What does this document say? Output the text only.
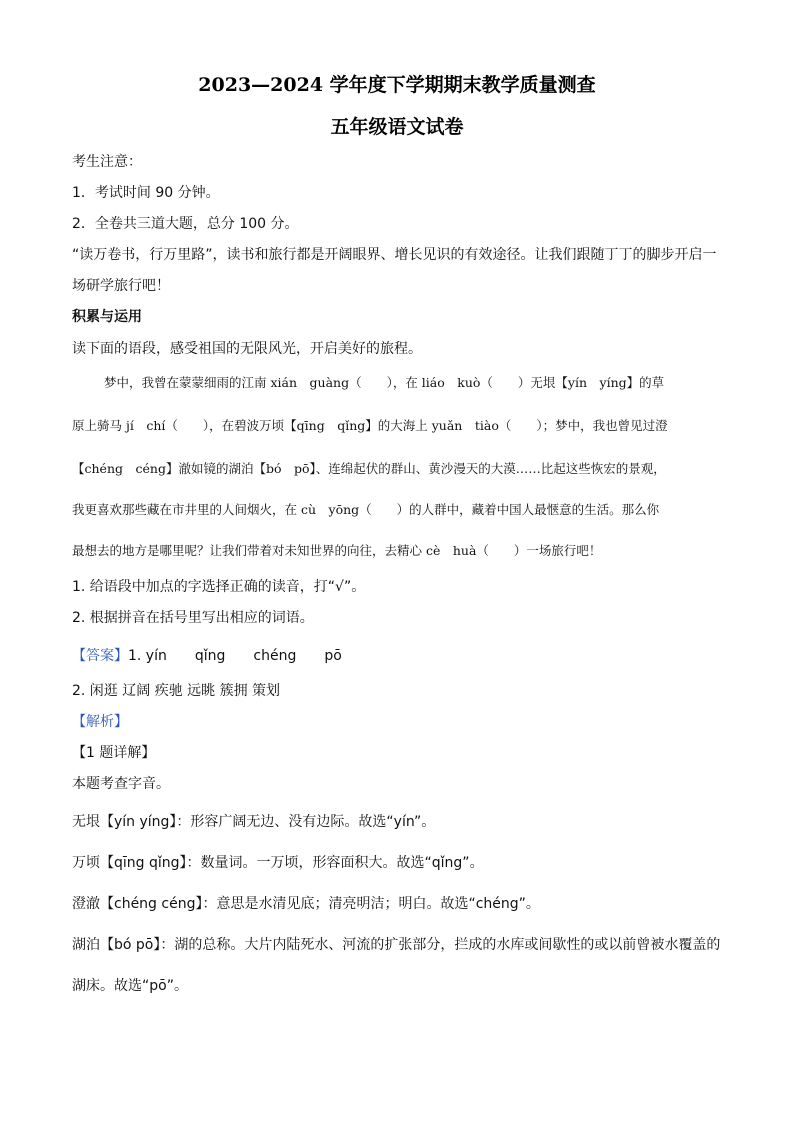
2023—2024 学年度下学期期末教学质量测查
五年级语文试卷
考生注意：
1．考试时间 90 分钟。
2．全卷共三道大题，总分 100 分。
“读万卷书，行万里路”，读书和旅行都是开阔眼界、增长见识的有效途径。让我们跟随丁丁的脚步开启一
场研学旅行吧！
积累与运用
读下面的语段，感受祖国的无限风光，开启美好的旅程。
梦中，我曾在蒙蒙细雨的江南 xián　guàng（　　），在 liáo　kuò（　　）无垠【yín　yíng】的草
原上骑马 jí　chí（　　），在碧波万顷【qīng　qǐng】的大海上 yuǎn　tiào（　　）；梦中，我也曾见过澄
【chéng　céng】澈如镜的湖泊【bó　pō】、连绵起伏的群山、黄沙漫天的大漠……比起这些恢宏的景观，
我更喜欢那些藏在市井里的人间烟火，在 cù　yōng（　　）的人群中，藏着中国人最惬意的生活。那么你
最想去的地方是哪里呢？让我们带着对未知世界的向往，去精心 cè　huà（　　）一场旅行吧！
1. 给语段中加点的字选择正确的读音，打“√”。
2. 根据拼音在括号里写出相应的词语。
【答案】1. yín　　qǐng　　chéng　　pō
2. 闲逛 辽阔 疾驰 远眺 簇拥 策划
【解析】
【1 题详解】
本题考查字音。
无垠【yín yíng】：形容广阔无边、没有边际。故选“yín”。
万顷【qīng qǐng】：数量词。一万顷，形容面积大。故选“qǐng”。
澄澈【chéng céng】：意思是水清见底；清亮明洁；明白。故选“chéng”。
湖泊【bó pō】：湖的总称。大片内陆死水、河流的扩张部分，拦成的水库或间歇性的或以前曾被水覆盖的
湖床。故选“pō”。
